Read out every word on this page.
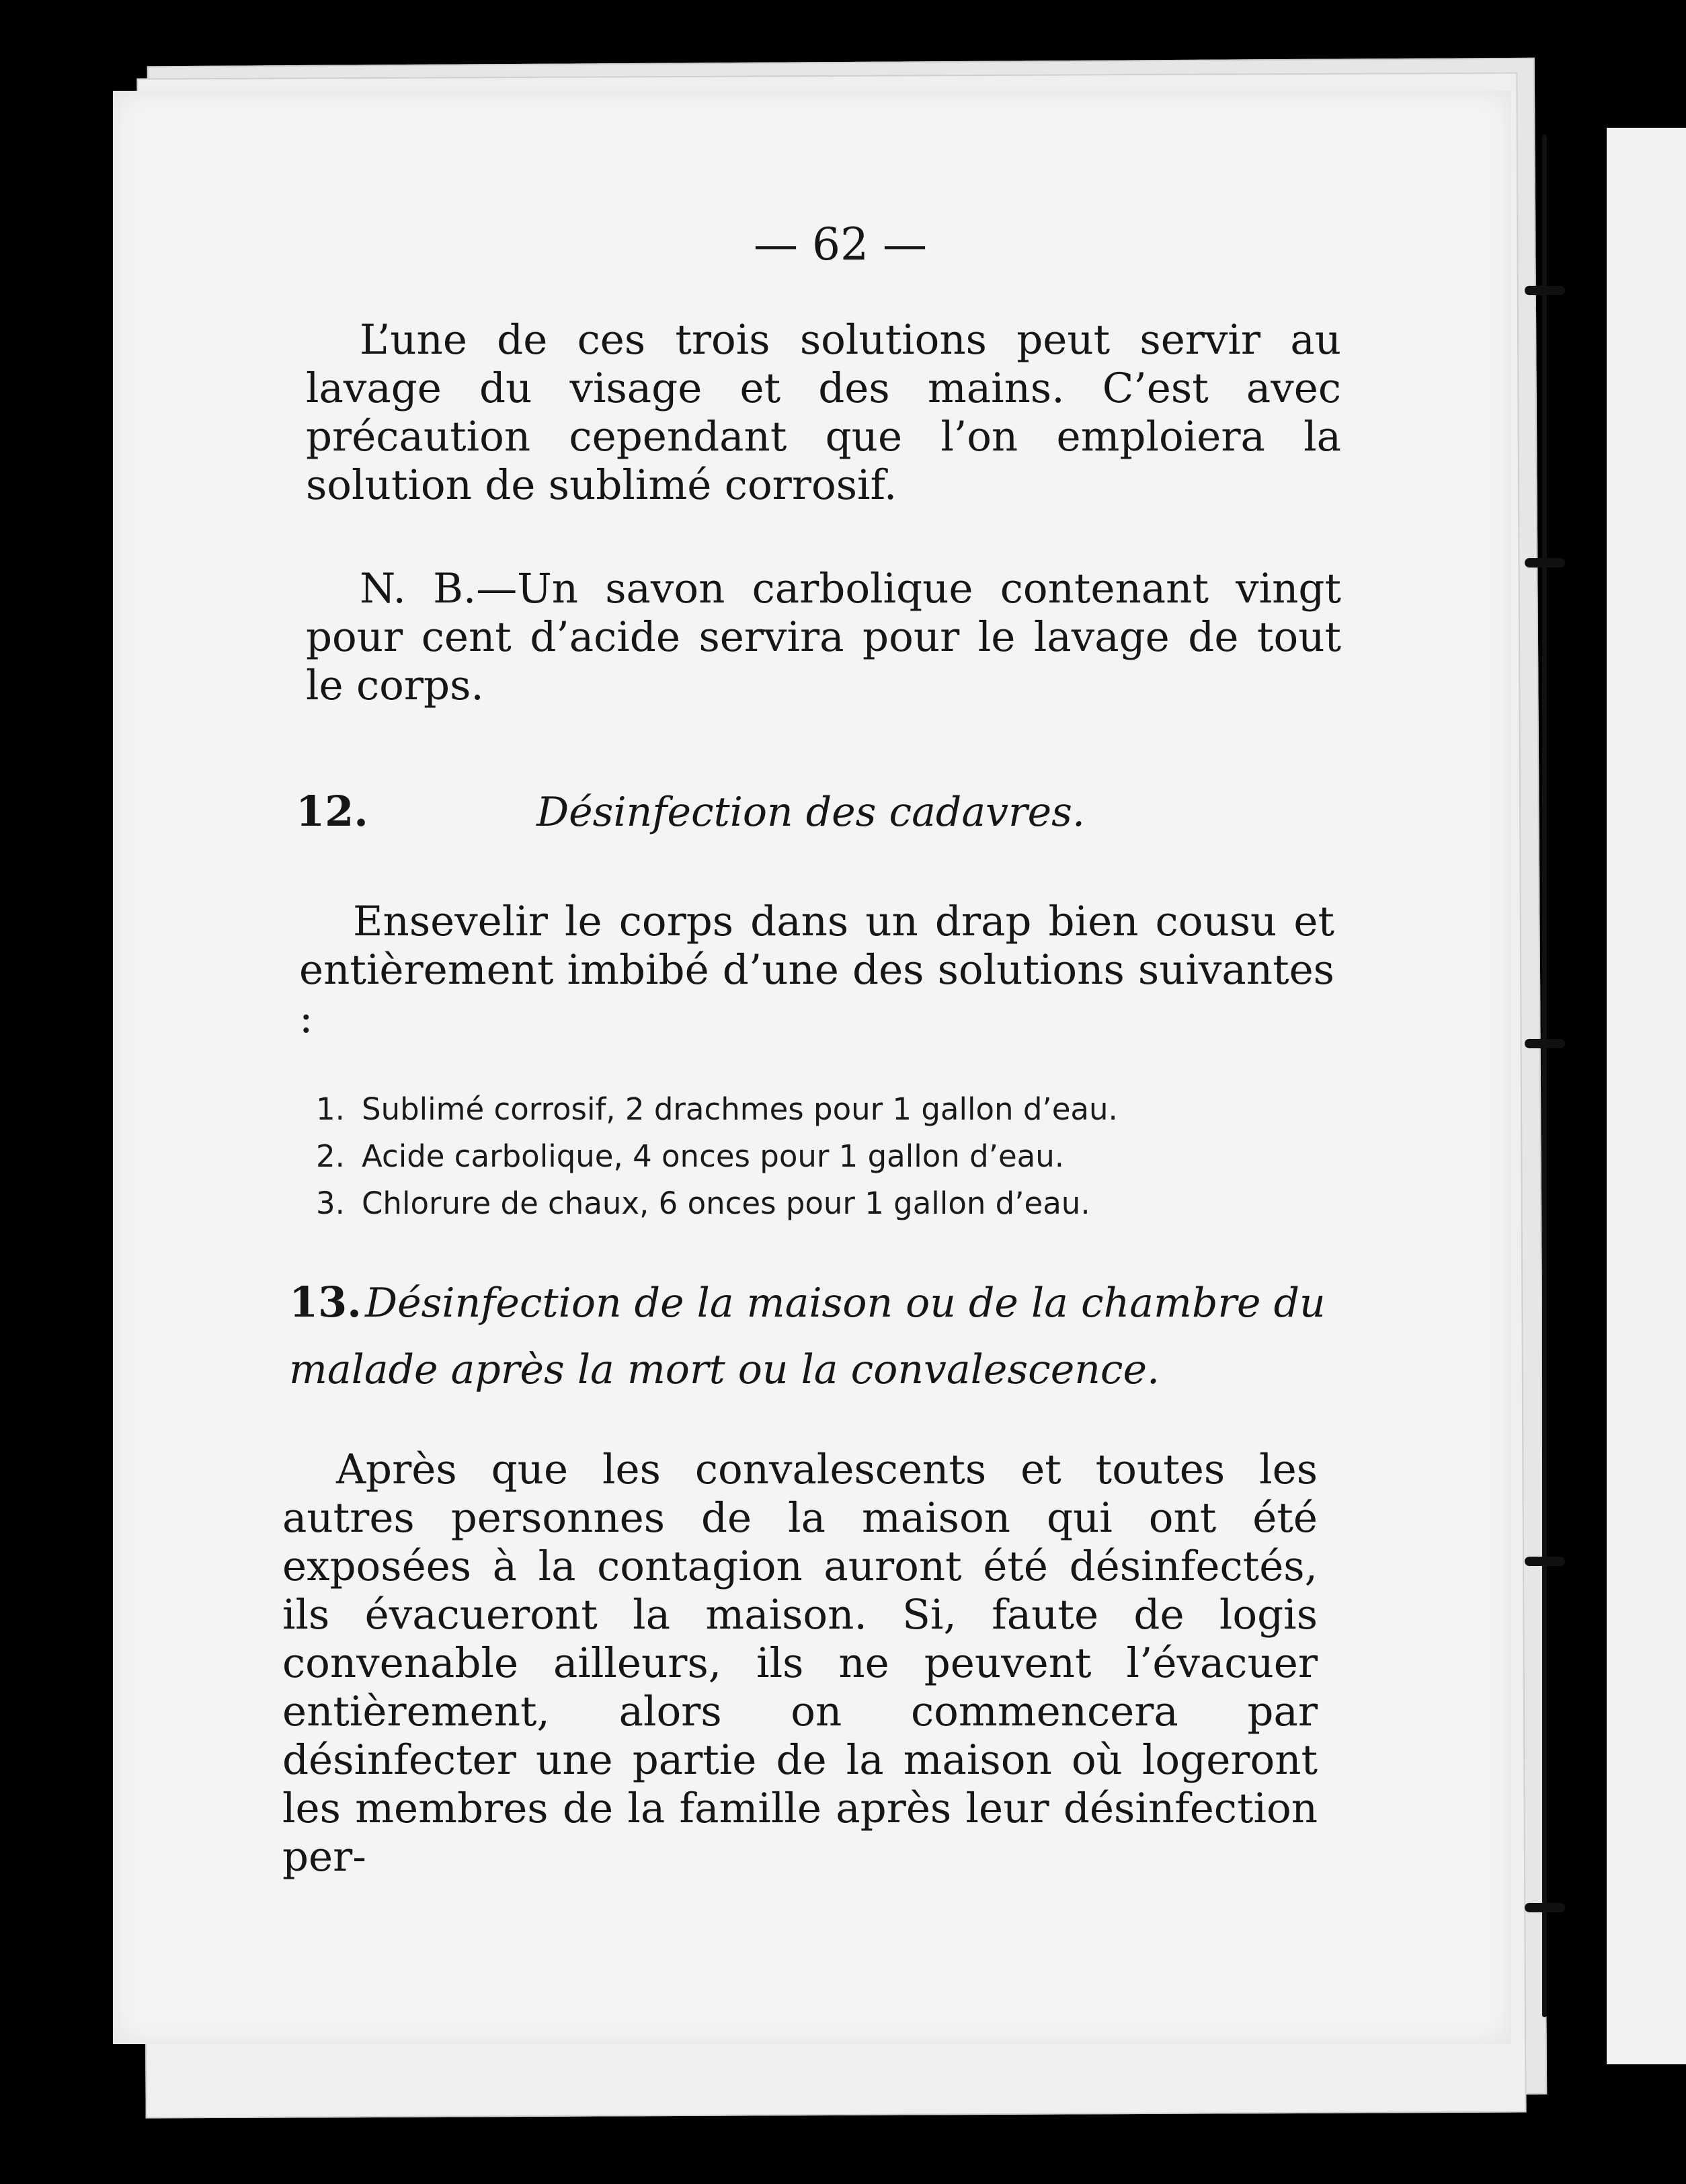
— 62 —
L’une de ces trois solutions peut servir au lavage du visage et des mains. C’est avec précaution cependant que l’on emploiera la solution de sublimé corrosif.
N. B.—Un savon carbolique contenant vingt pour cent d’acide servira pour le lavage de tout le corps.
12.	Désinfection des cadavres.
Ensevelir le corps dans un drap bien cousu et entièrement imbibé d’une des solutions suivantes :
1. Sublimé corrosif, 2 drachmes pour 1 gallon d’eau.
2. Acide carbolique, 4 onces pour 1 gallon d’eau.
3. Chlorure de chaux, 6 onces pour 1 gallon d’eau.
13. Désinfection de la maison ou de la chambre du malade après la mort ou la convalescence.
Après que les convalescents et toutes les autres personnes de la maison qui ont été exposées à la contagion auront été désinfectés, ils évacueront la maison. Si, faute de logis convenable ailleurs, ils ne peuvent l’évacuer entièrement, alors on commencera par désinfecter une partie de la maison où logeront les membres de la famille après leur désinfection per-
